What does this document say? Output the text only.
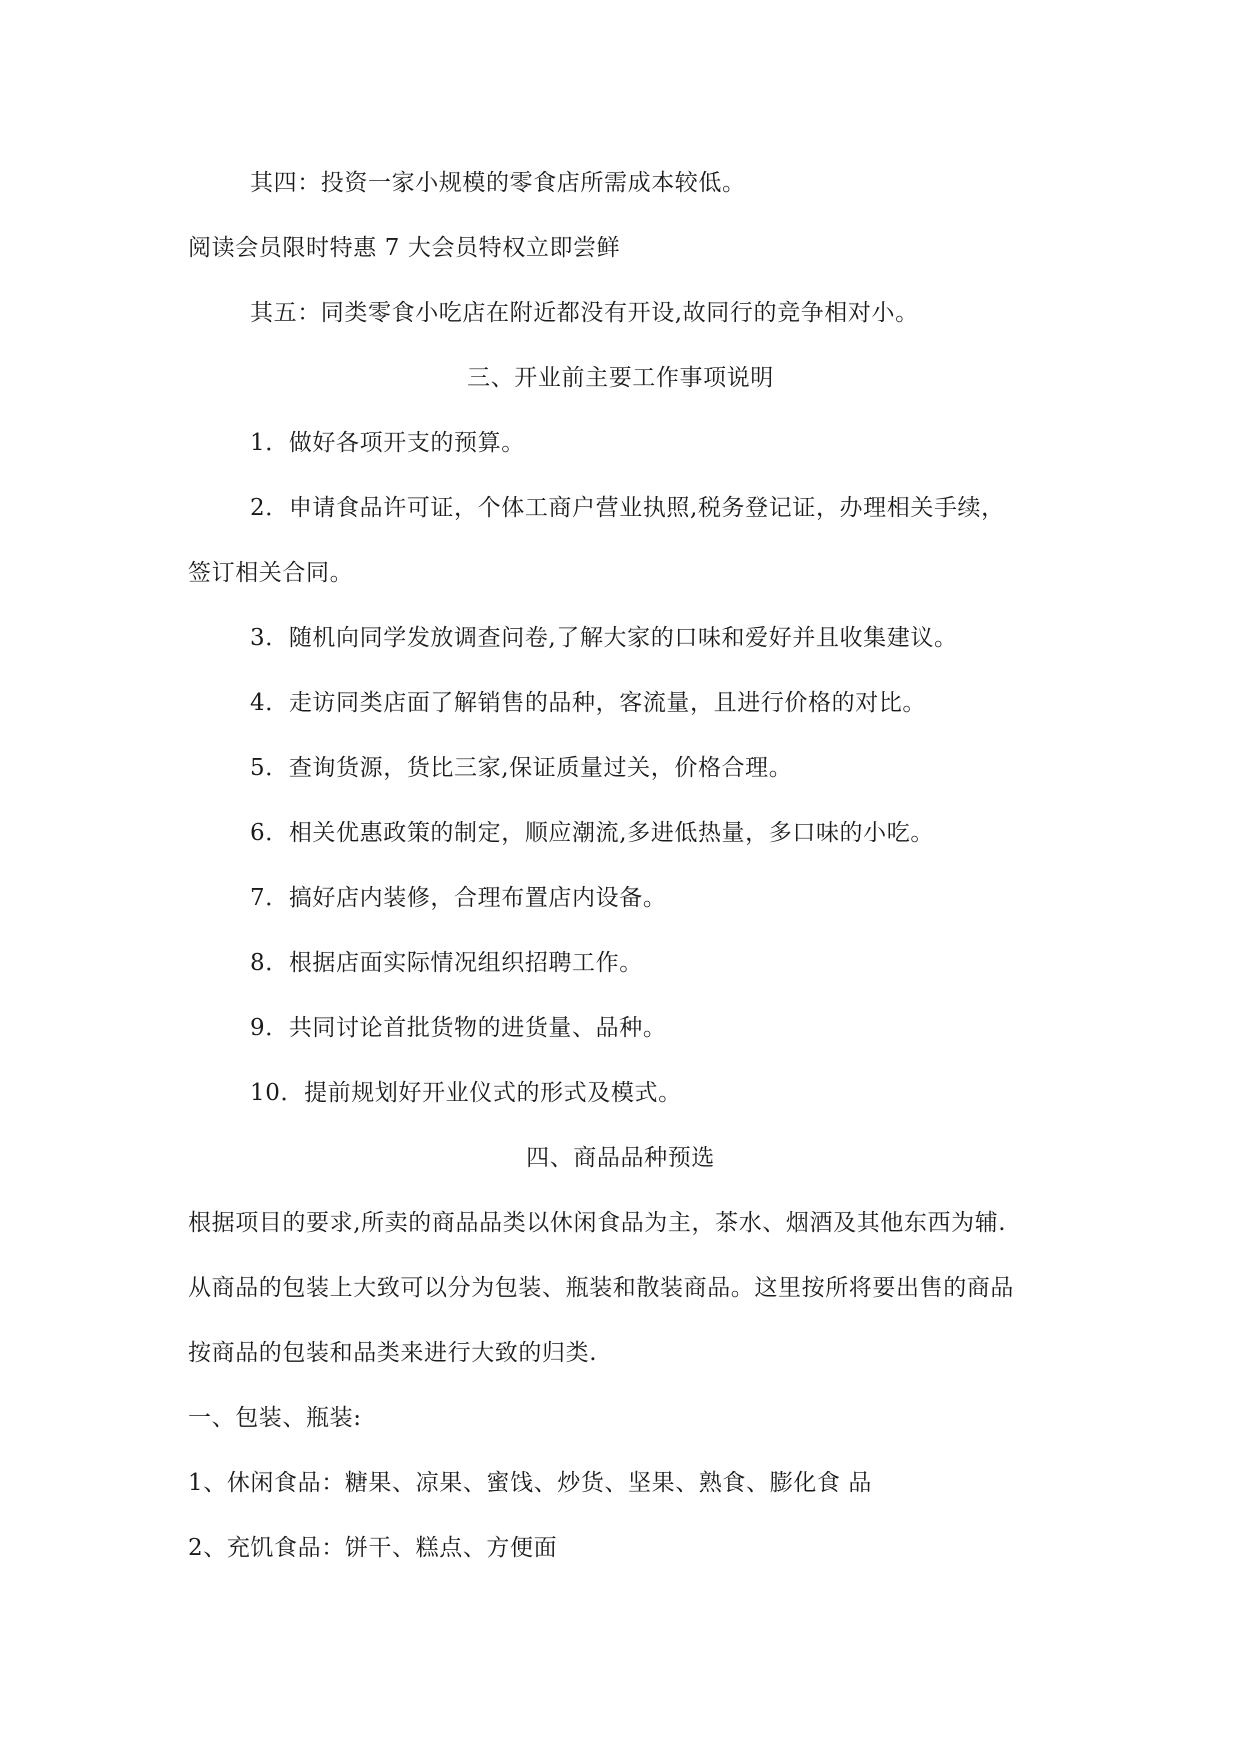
其四：投资一家小规模的零食店所需成本较低。
阅读会员限时特惠 7 大会员特权立即尝鲜
其五：同类零食小吃店在附近都没有开设,故同行的竞争相对小。
三、开业前主要工作事项说明
1．做好各项开支的预算。
2．申请食品许可证，个体工商户营业执照,税务登记证，办理相关手续，
签订相关合同。
3．随机向同学发放调查问卷,了解大家的口味和爱好并且收集建议。
4．走访同类店面了解销售的品种，客流量，且进行价格的对比。
5．查询货源，货比三家,保证质量过关，价格合理。
6．相关优惠政策的制定，顺应潮流,多进低热量，多口味的小吃。
7．搞好店内装修，合理布置店内设备。
8．根据店面实际情况组织招聘工作。
9．共同讨论首批货物的进货量、品种。
10．提前规划好开业仪式的形式及模式。
四、商品品种预选
根据项目的要求,所卖的商品品类以休闲食品为主，茶水、烟酒及其他东西为辅.
从商品的包装上大致可以分为包装、瓶装和散装商品。这里按所将要出售的商品
按商品的包装和品类来进行大致的归类.
一、包装、瓶装:
1、休闲食品：糖果、凉果、蜜饯、炒货、坚果、熟食、膨化食 品
2、充饥食品：饼干、糕点、方便面
